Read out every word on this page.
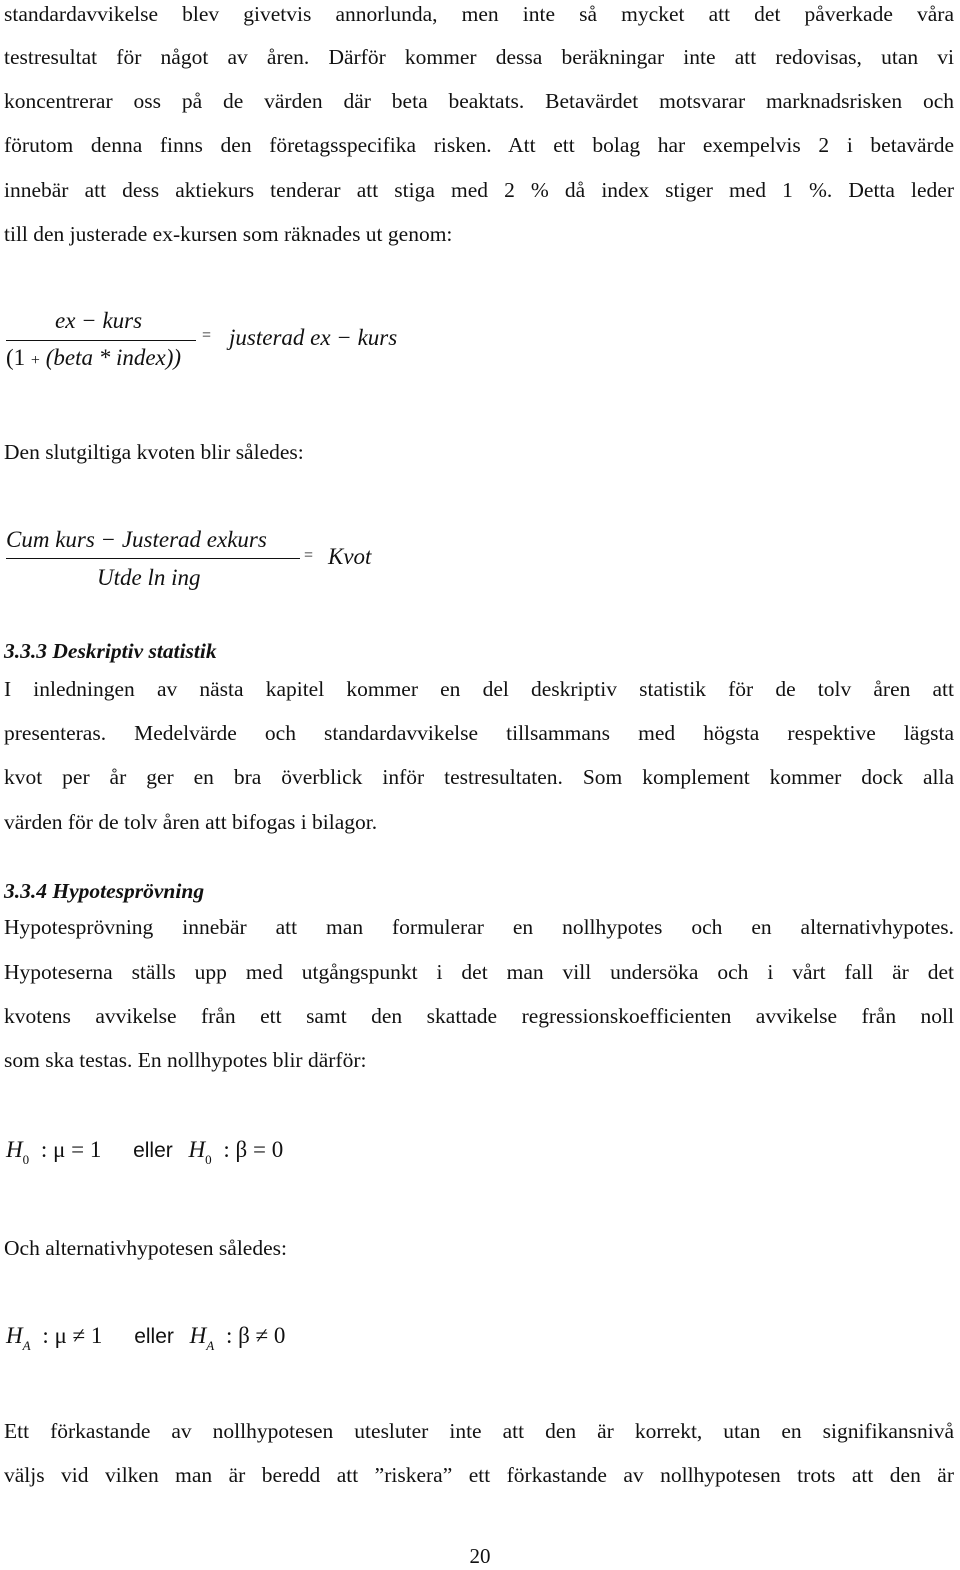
standardavvikelse blev givetvis annorlunda, men inte så mycket att det påverkade våra
testresultat för något av åren. Därför kommer dessa beräkningar inte att redovisas, utan vi
koncentrerar oss på de värden där beta beaktats. Betavärdet motsvarar marknadsrisken och
förutom denna finns den företagsspecifika risken. Att ett bolag har exempelvis 2 i betavärde
innebär att dess aktiekurs tenderar att stiga med 2 % då index stiger med 1 %. Detta leder
till den justerade ex-kursen som räknades ut genom:
ex − kurs
(1 + (beta * index))
= justerad ex − kurs
Den slutgiltiga kvoten blir således:
Cum kurs − Justerad exkurs
Utde ln ing
= Kvot
3.3.3 Deskriptiv statistik
I inledningen av nästa kapitel kommer en del deskriptiv statistik för de tolv åren att
presenteras. Medelvärde och standardavvikelse tillsammans med högsta respektive lägsta
kvot per år ger en bra överblick inför testresultaten. Som komplement kommer dock alla
värden för de tolv åren att bifogas i bilagor.
3.3.4 Hypotesprövning
Hypotesprövning innebär att man formulerar en nollhypotes och en alternativhypotes.
Hypoteserna ställs upp med utgångspunkt i det man vill undersöka och i vårt fall är det
kvotens avvikelse från ett samt den skattade regressionskoefficienten avvikelse från noll
som ska testas. En nollhypotes blir därför:
$H_0$ : μ = 1 eller $H_0$ : β = 0
Och alternativhypotesen således:
$H_A$ : μ ≠ 1 eller $H_A$ : β ≠ 0
Ett förkastande av nollhypotesen utesluter inte att den är korrekt, utan en signifikansnivå
väljs vid vilken man är beredd att ”riskera” ett förkastande av nollhypotesen trots att den är
20
